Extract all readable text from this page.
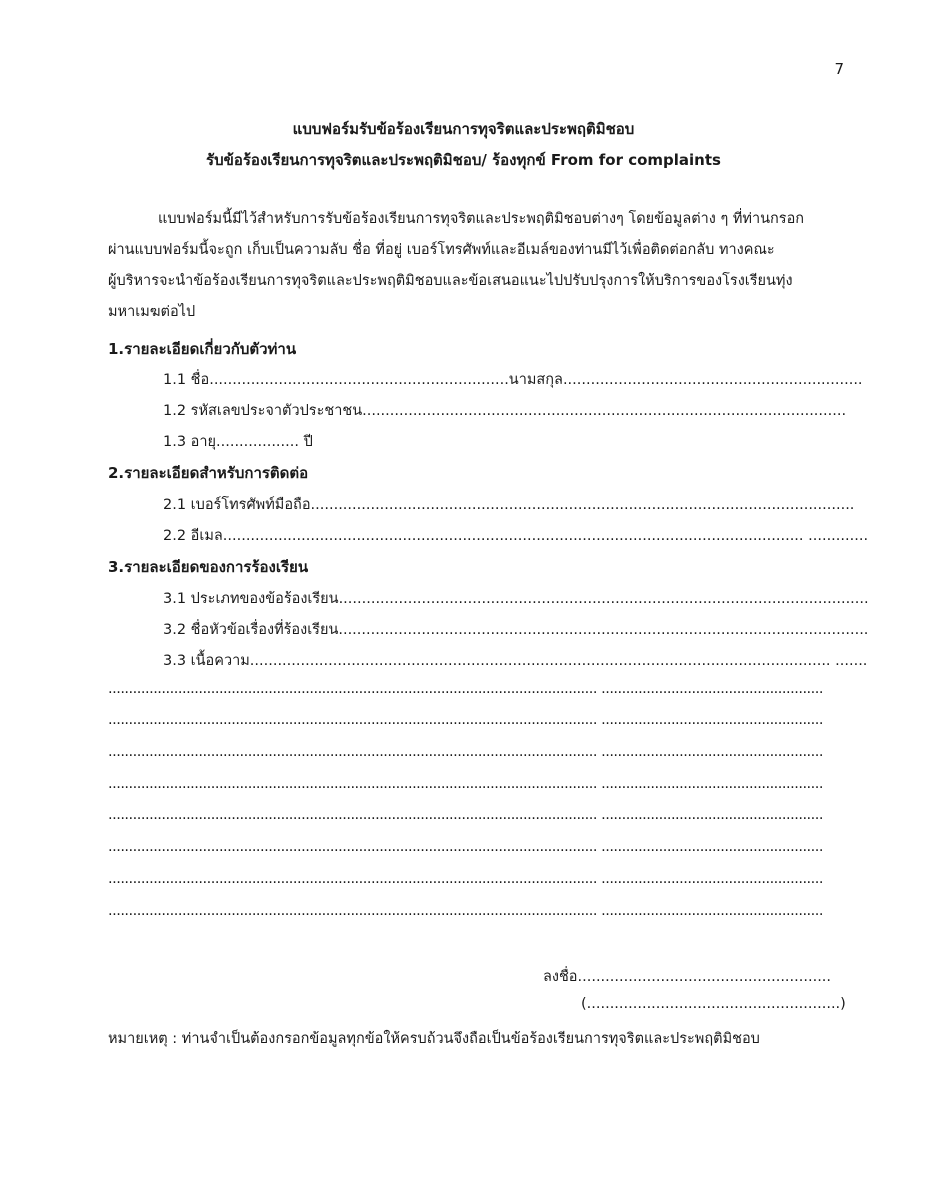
7
แบบฟอร์มรับข้อร้องเรียนการทุจริตและประพฤติมิชอบ
รับข้อร้องเรียนการทุจริตและประพฤติมิชอบ/ ร้องทุกข์ From for complaints
แบบฟอร์มนี้มีไว้สำหรับการรับข้อร้องเรียนการทุจริตและประพฤติมิชอบต่างๆ โดยข้อมูลต่าง ๆ ที่ท่านกรอก
ผ่านแบบฟอร์มนี้จะถูก เก็บเป็นความลับ ชื่อ ที่อยู่ เบอร์โทรศัพท์และอีเมล์ของท่านมีไว้เพื่อติดต่อกลับ ทางคณะ
ผู้บริหารจะนำข้อร้องเรียนการทุจริตและประพฤติมิชอบและข้อเสนอแนะไปปรับปรุงการให้บริการของโรงเรียนทุ่ง
มหาเมฆต่อไป
1.รายละเอียดเกี่ยวกับตัวท่าน
1.1 ชื่อ.................................................................นามสกุล.................................................................
1.2 รหัสเลขประจาตัวประชาชน.........................................................................................................
1.3 อายุ.................. ปี
2.รายละเอียดสำหรับการติดต่อ
2.1 เบอร์โทรศัพท์มือถือ......................................................................................................................
2.2 อีเมล.............................................................................................................................. .............
3.รายละเอียดของการร้องเรียน
3.1 ประเภทของข้อร้องเรียน...................................................................................................................
3.2 ชื่อหัวข้อเรื่องที่ร้องเรียน...................................................................................................................
3.3 เนื้อความ.............................................................................................................................. .......
....................................................................................................................... ......................................................
....................................................................................................................... ......................................................
....................................................................................................................... ......................................................
....................................................................................................................... ......................................................
....................................................................................................................... ......................................................
....................................................................................................................... ......................................................
....................................................................................................................... ......................................................
....................................................................................................................... ......................................................
ลงชื่อ.......................................................
(.......................................................)
หมายเหตุ : ท่านจำเป็นต้องกรอกข้อมูลทุกข้อให้ครบถ้วนจึงถือเป็นข้อร้องเรียนการทุจริตและประพฤติมิชอบ
